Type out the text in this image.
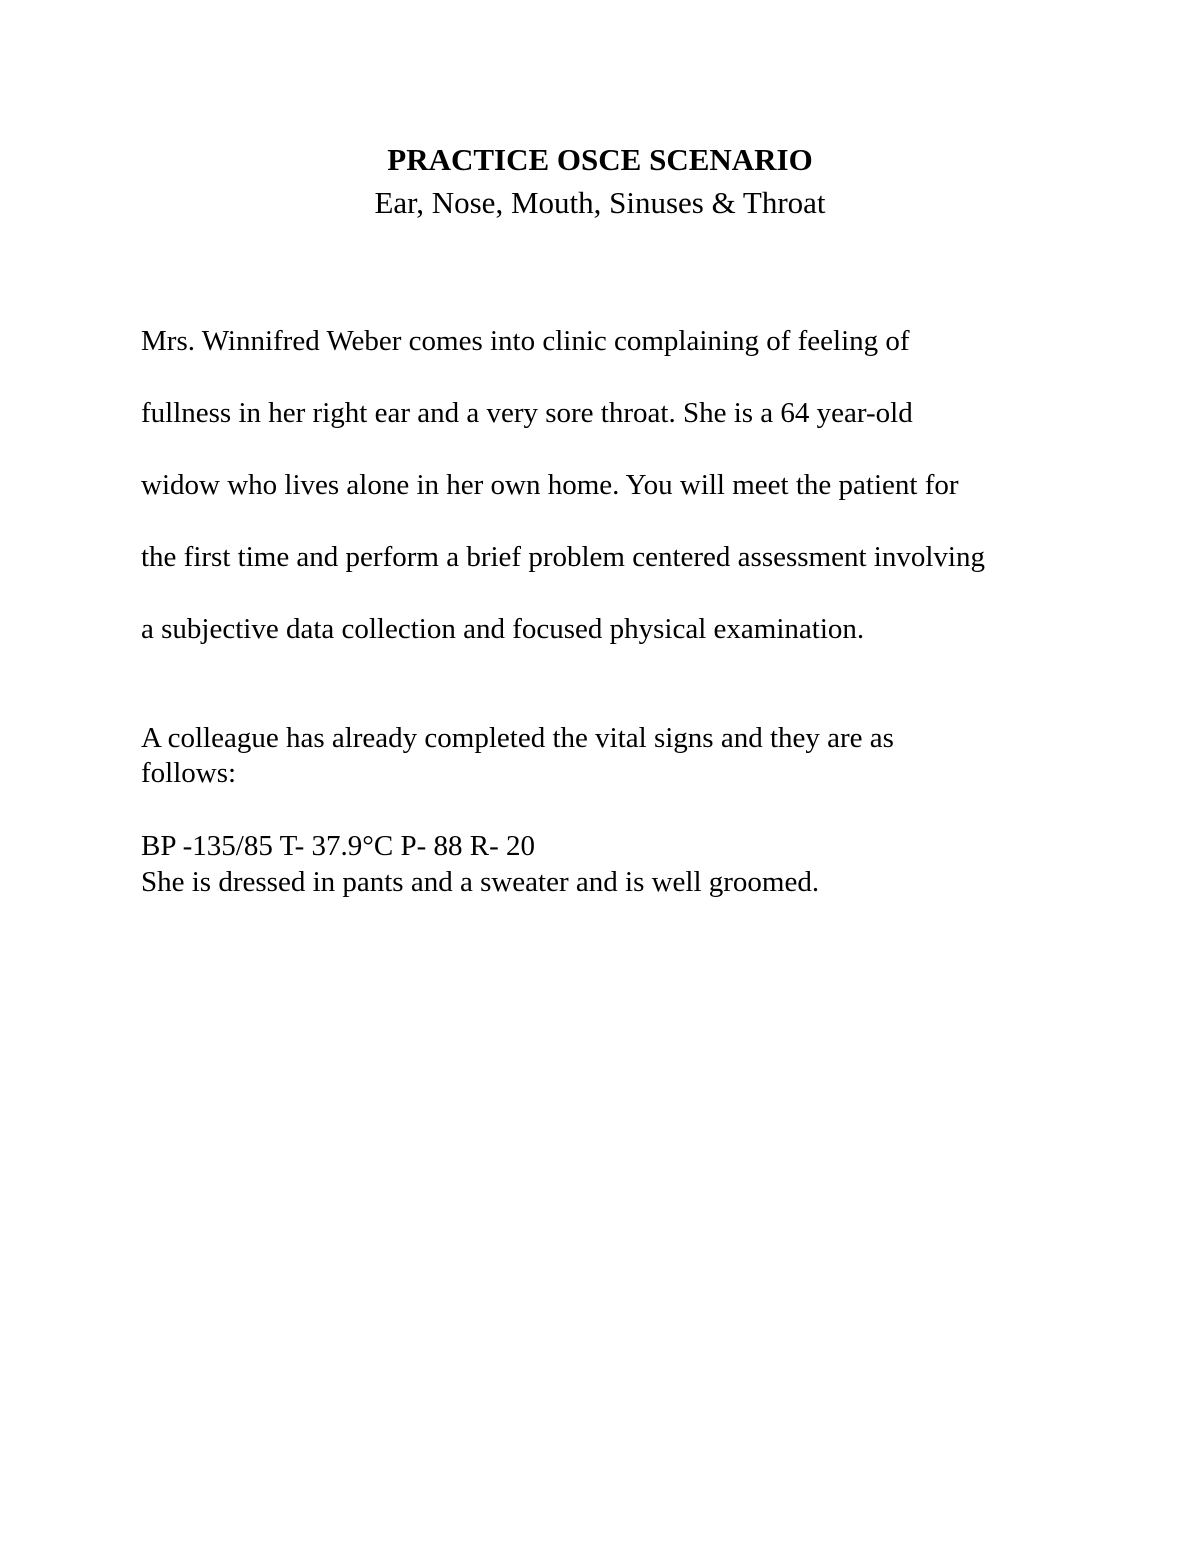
PRACTICE OSCE SCENARIO
Ear, Nose, Mouth, Sinuses & Throat
Mrs. Winnifred Weber comes into clinic complaining of feeling of
fullness in her right ear and a very sore throat. She is a 64 year-old
widow who lives alone in her own home. You will meet the patient for
the first time and perform a brief problem centered assessment involving
a subjective data collection and focused physical examination.
A colleague has already completed the vital signs and they are as
follows:
BP -135/85 T- 37.9°C P- 88 R- 20
She is dressed in pants and a sweater and is well groomed.
